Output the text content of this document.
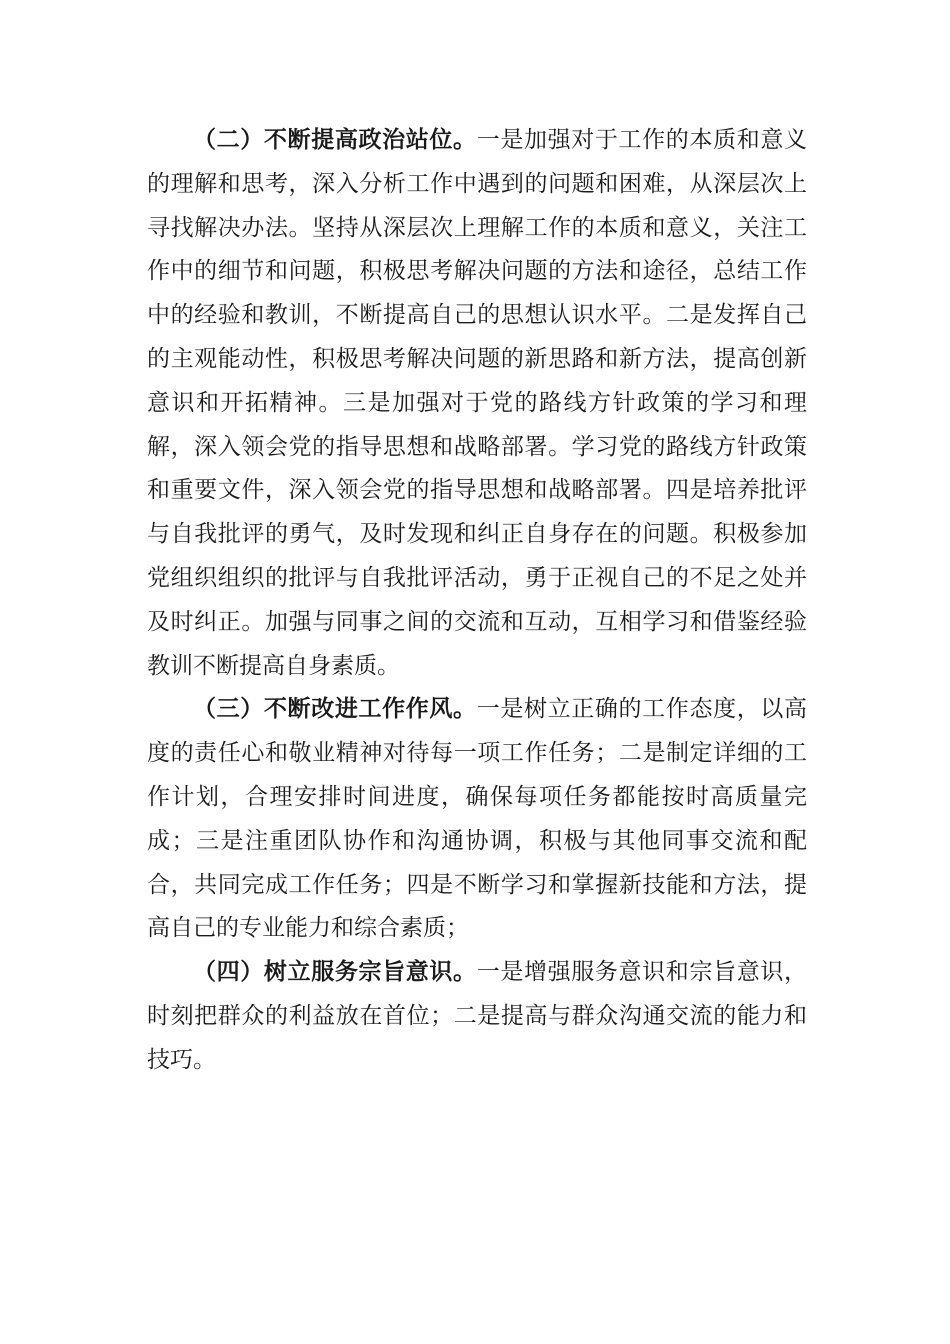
（二）不断提高政治站位。一是加强对于工作的本质和意义的理解和思考，深入分析工作中遇到的问题和困难，从深层次上寻找解决办法。坚持从深层次上理解工作的本质和意义，关注工作中的细节和问题，积极思考解决问题的方法和途径，总结工作中的经验和教训，不断提高自己的思想认识水平。二是发挥自己的主观能动性，积极思考解决问题的新思路和新方法，提高创新意识和开拓精神。三是加强对于党的路线方针政策的学习和理解，深入领会党的指导思想和战略部署。学习党的路线方针政策和重要文件，深入领会党的指导思想和战略部署。四是培养批评与自我批评的勇气，及时发现和纠正自身存在的问题。积极参加党组织组织的批评与自我批评活动，勇于正视自己的不足之处并及时纠正。加强与同事之间的交流和互动，互相学习和借鉴经验教训不断提高自身素质。

（三）不断改进工作作风。一是树立正确的工作态度，以高度的责任心和敬业精神对待每一项工作任务；二是制定详细的工作计划，合理安排时间进度，确保每项任务都能按时高质量完成；三是注重团队协作和沟通协调，积极与其他同事交流和配合，共同完成工作任务；四是不断学习和掌握新技能和方法，提高自己的专业能力和综合素质；

（四）树立服务宗旨意识。一是增强服务意识和宗旨意识，时刻把群众的利益放在首位；二是提高与群众沟通交流的能力和技巧。
